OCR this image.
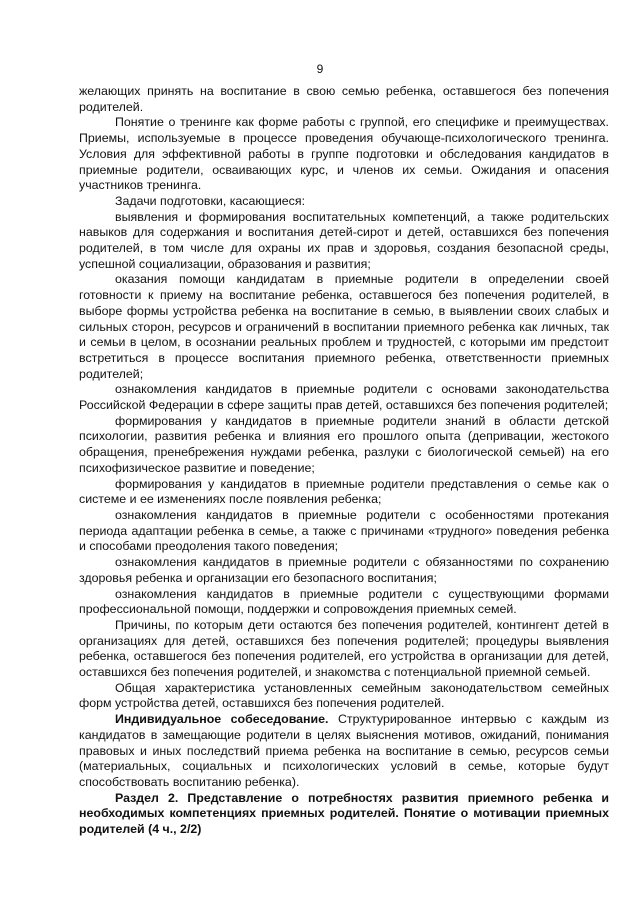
9

желающих принять на воспитание в свою семью ребенка, оставшегося без попечения родителей.

Понятие о тренинге как форме работы с группой, его специфике и преимуществах. Приемы, используемые в процессе проведения обучающе-психологического тренинга. Условия для эффективной работы в группе подготовки и обследования кандидатов в приемные родители, осваивающих курс, и членов их семьи. Ожидания и опасения участников тренинга.

Задачи подготовки, касающиеся:

выявления и формирования воспитательных компетенций, а также родительских навыков для содержания и воспитания детей-сирот и детей, оставшихся без попечения родителей, в том числе для охраны их прав и здоровья, создания безопасной среды, успешной социализации, образования и развития;

оказания помощи кандидатам в приемные родители в определении своей готовности к приему на воспитание ребенка, оставшегося без попечения родителей, в выборе формы устройства ребенка на воспитание в семью, в выявлении своих слабых и сильных сторон, ресурсов и ограничений в воспитании приемного ребенка как личных, так и семьи в целом, в осознании реальных проблем и трудностей, с которыми им предстоит встретиться в процессе воспитания приемного ребенка, ответственности приемных родителей;

ознакомления кандидатов в приемные родители с основами законодательства Российской Федерации в сфере защиты прав детей, оставшихся без попечения родителей;

формирования у кандидатов в приемные родители знаний в области детской психологии, развития ребенка и влияния его прошлого опыта (депривации, жестокого обращения, пренебрежения нуждами ребенка, разлуки с биологической семьей) на его психофизическое развитие и поведение;

формирования у кандидатов в приемные родители представления о семье как о системе и ее изменениях после появления ребенка;

ознакомления кандидатов в приемные родители с особенностями протекания периода адаптации ребенка в семье, а также с причинами «трудного» поведения ребенка и способами преодоления такого поведения;

ознакомления кандидатов в приемные родители с обязанностями по сохранению здоровья ребенка и организации его безопасного воспитания;

ознакомления кандидатов в приемные родители с существующими формами профессиональной помощи, поддержки и сопровождения приемных семей.

Причины, по которым дети остаются без попечения родителей, контингент детей в организациях для детей, оставшихся без попечения родителей; процедуры выявления ребенка, оставшегося без попечения родителей, его устройства в организации для детей, оставшихся без попечения родителей, и знакомства с потенциальной приемной семьей.

Общая характеристика установленных семейным законодательством семейных форм устройства детей, оставшихся без попечения родителей.

Индивидуальное собеседование. Структурированное интервью с каждым из кандидатов в замещающие родители в целях выяснения мотивов, ожиданий, понимания правовых и иных последствий приема ребенка на воспитание в семью, ресурсов семьи (материальных, социальных и психологических условий в семье, которые будут способствовать воспитанию ребенка).

Раздел 2. Представление о потребностях развития приемного ребенка и необходимых компетенциях приемных родителей. Понятие о мотивации приемных родителей (4 ч., 2/2)
